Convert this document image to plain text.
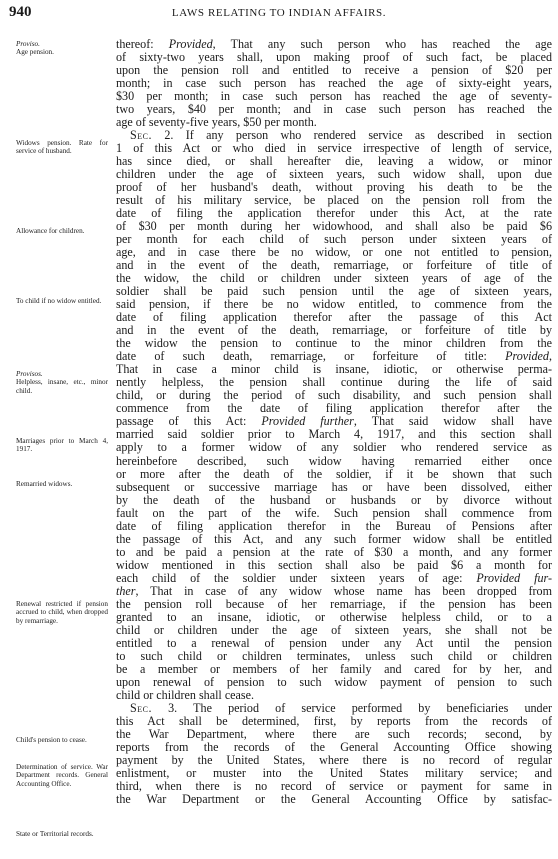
940	LAWS RELATING TO INDIAN AFFAIRS.
Proviso.
Age pension.
Widows pension. Rate for service of husband.
Allowance for children.
To child if no widow entitled.
Provisos.
Helpless, insane, etc., minor child.
Marriages prior to March 4, 1917.
Remarried widows.
Renewal restricted if pension accrued to child, when dropped by remarriage.
Child's pension to cease.
Determination of service. War Department records. General Accounting Office.
State or Territorial records.
thereof: Provided, That any such person who has reached the age
of sixty-two years shall, upon making proof of such fact, be placed
upon the pension roll and entitled to receive a pension of $20 per
month; in case such person has reached the age of sixty-eight years,
$30 per month; in case such person has reached the age of seventy-
two years, $40 per month; and in case such person has reached the
age of seventy-five years, $50 per month.
Sec. 2. If any person who rendered service as described in section
1 of this Act or who died in service irrespective of length of service,
has since died, or shall hereafter die, leaving a widow, or minor
children under the age of sixteen years, such widow shall, upon due
proof of her husband's death, without proving his death to be the
result of his military service, be placed on the pension roll from the
date of filing the application therefor under this Act, at the rate
of $30 per month during her widowhood, and shall also be paid $6
per month for each child of such person under sixteen years of
age, and in case there be no widow, or one not entitled to pension,
and in the event of the death, remarriage, or forfeiture of title of
the widow, the child or children under sixteen years of age of the
soldier shall be paid such pension until the age of sixteen years,
said pension, if there be no widow entitled, to commence from the
date of filing application therefor after the passage of this Act
and in the event of the death, remarriage, or forfeiture of title by
the widow the pension to continue to the minor children from the
date of such death, remarriage, or forfeiture of title: Provided,
That in case a minor child is insane, idiotic, or otherwise perma-
nently helpless, the pension shall continue during the life of said
child, or during the period of such disability, and such pension shall
commence from the date of filing application therefor after the
passage of this Act: Provided further, That said widow shall have
married said soldier prior to March 4, 1917, and this section shall
apply to a former widow of any soldier who rendered service as
hereinbefore described, such widow having remarried either once
or more after the death of the soldier, if it be shown that such
subsequent or successive marriage has or have been dissolved, either
by the death of the husband or husbands or by divorce without
fault on the part of the wife. Such pension shall commence from
date of filing application therefor in the Bureau of Pensions after
the passage of this Act, and any such former widow shall be entitled
to and be paid a pension at the rate of $30 a month, and any former
widow mentioned in this section shall also be paid $6 a month for
each child of the soldier under sixteen years of age: Provided fur-
ther, That in case of any widow whose name has been dropped from
the pension roll because of her remarriage, if the pension has been
granted to an insane, idiotic, or otherwise helpless child, or to a
child or children under the age of sixteen years, she shall not be
entitled to a renewal of pension under any Act until the pension
to such child or children terminates, unless such child or children
be a member or members of her family and cared for by her, and
upon renewal of pension to such widow payment of pension to such
child or children shall cease.
Sec. 3. The period of service performed by beneficiaries under
this Act shall be determined, first, by reports from the records of
the War Department, where there are such records; second, by
reports from the records of the General Accounting Office showing
payment by the United States, where there is no record of regular
enlistment, or muster into the United States military service; and
third, when there is no record of service or payment for same in
the War Department or the General Accounting Office by satisfac-
